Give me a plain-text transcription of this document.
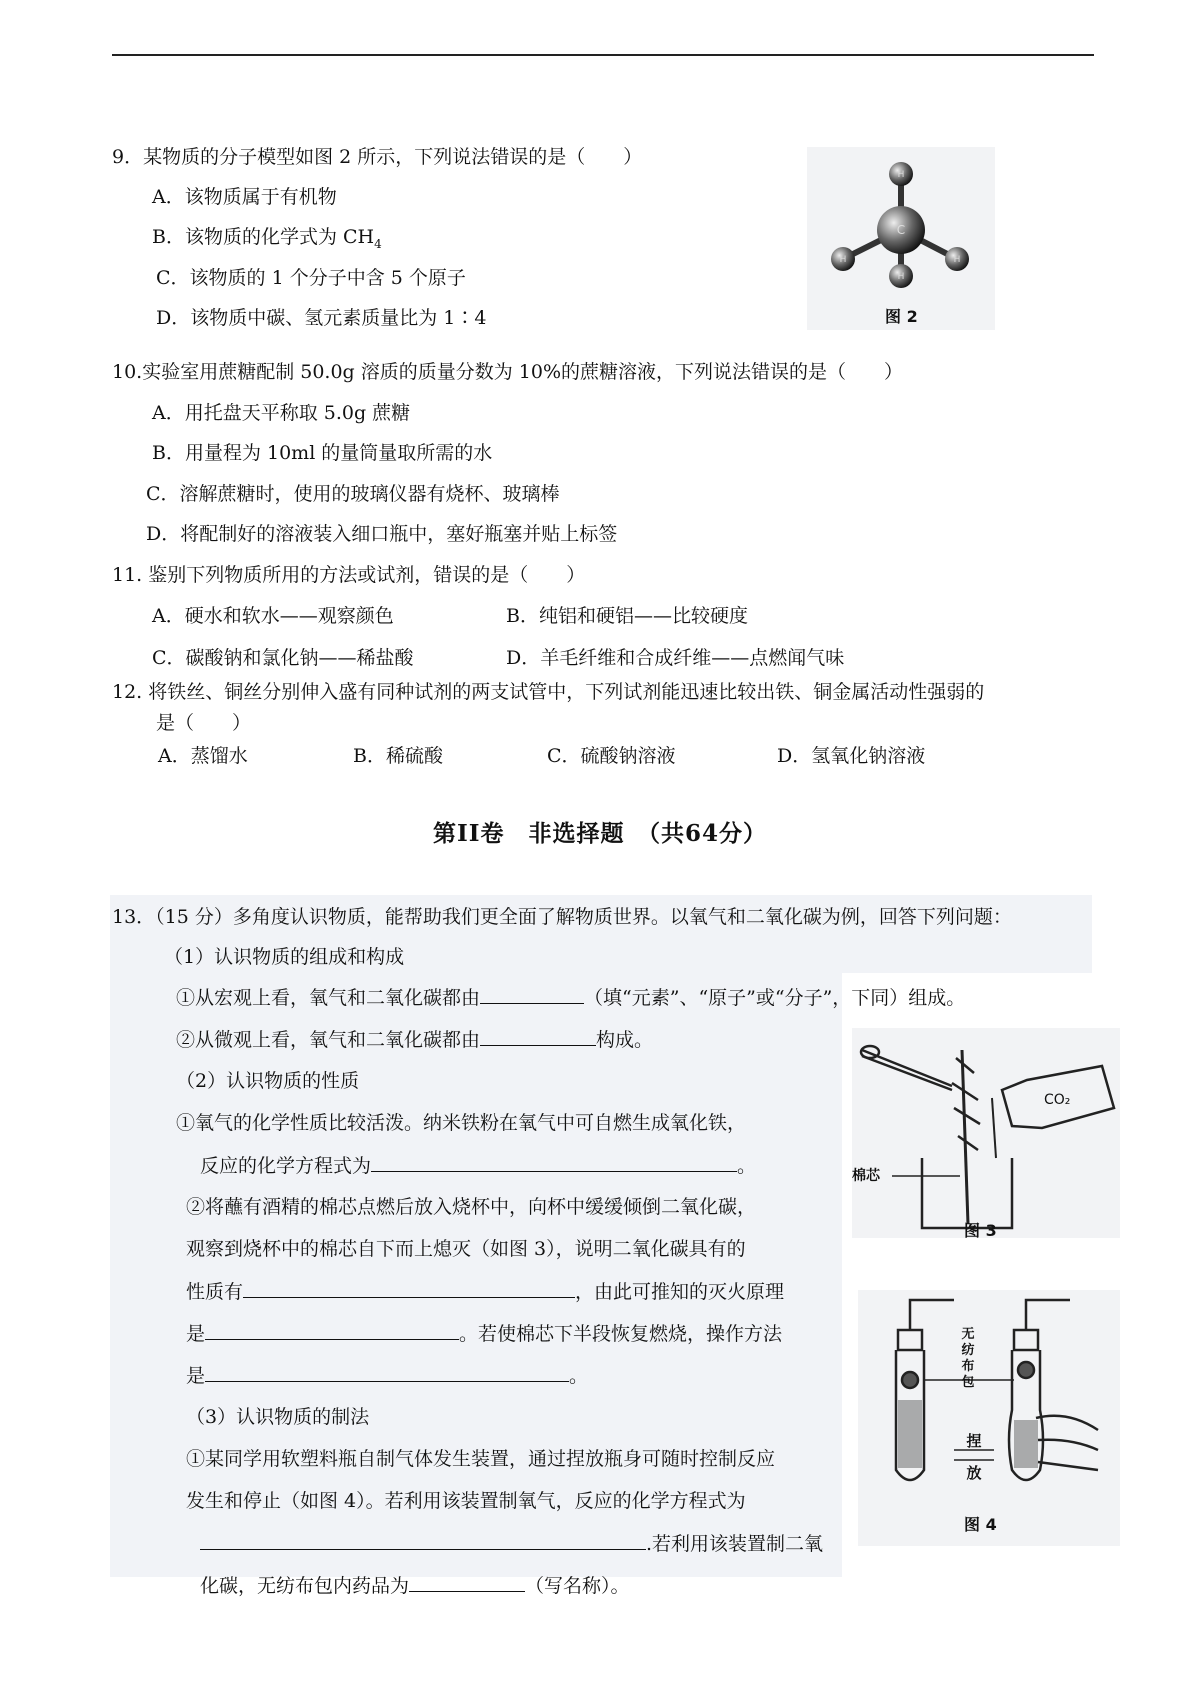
9．某物质的分子模型如图 2 所示，下列说法错误的是（　　）
A．该物质属于有机物
B．该物质的化学式为 $CH_4$
C．该物质的 1 个分子中含 5 个原子
D．该物质中碳、氢元素质量比为 1∶4
H
H	H
C
H
图 2
10.实验室用蔗糖配制 50.0g 溶质的质量分数为 10%的蔗糖溶液，下列说法错误的是（　　）
A．用托盘天平称取 5.0g 蔗糖
B．用量程为 10ml 的量筒量取所需的水
C．溶解蔗糖时，使用的玻璃仪器有烧杯、玻璃棒
D．将配制好的溶液装入细口瓶中，塞好瓶塞并贴上标签
11. 鉴别下列物质所用的方法或试剂，错误的是（　　）
A．硬水和软水——观察颜色	B．纯铝和硬铝——比较硬度
C．碳酸钠和氯化钠——稀盐酸	D．羊毛纤维和合成纤维——点燃闻气味
12. 将铁丝、铜丝分别伸入盛有同种试剂的两支试管中，下列试剂能迅速比较出铁、铜金属活动性强弱的
是（　　）
A．蒸馏水	B．稀硫酸	C．硫酸钠溶液	D．氢氧化钠溶液
第II卷　非选择题　（共64分）
13．（15 分）多角度认识物质，能帮助我们更全面了解物质世界。以氧气和二氧化碳为例，回答下列问题：
（1）认识物质的组成和构成
①从宏观上看，氧气和二氧化碳都由	（填“元素”、“原子”或“分子”，下同）组成。
②从微观上看，氧气和二氧化碳都由	构成。
（2）认识物质的性质
①氧气的化学性质比较活泼。纳米铁粉在氧气中可自燃生成氧化铁，
反应的化学方程式为	。
②将蘸有酒精的棉芯点燃后放入烧杯中，向杯中缓缓倾倒二氧化碳，
观察到烧杯中的棉芯自下而上熄灭（如图 3），说明二氧化碳具有的
性质有	，由此可推知的灭火原理
是	。若使棉芯下半段恢复燃烧，操作方法
是	。
（3）认识物质的制法
①某同学用软塑料瓶自制气体发生装置，通过捏放瓶身可随时控制反应
发生和停止（如图 4）。若利用该装置制氧气，反应的化学方程式为
.若利用该装置制二氧
化碳，无纺布包内药品为	（写名称）。
CO₂
棉芯
图 3
无
纺
布
包
捏
放
图 4
